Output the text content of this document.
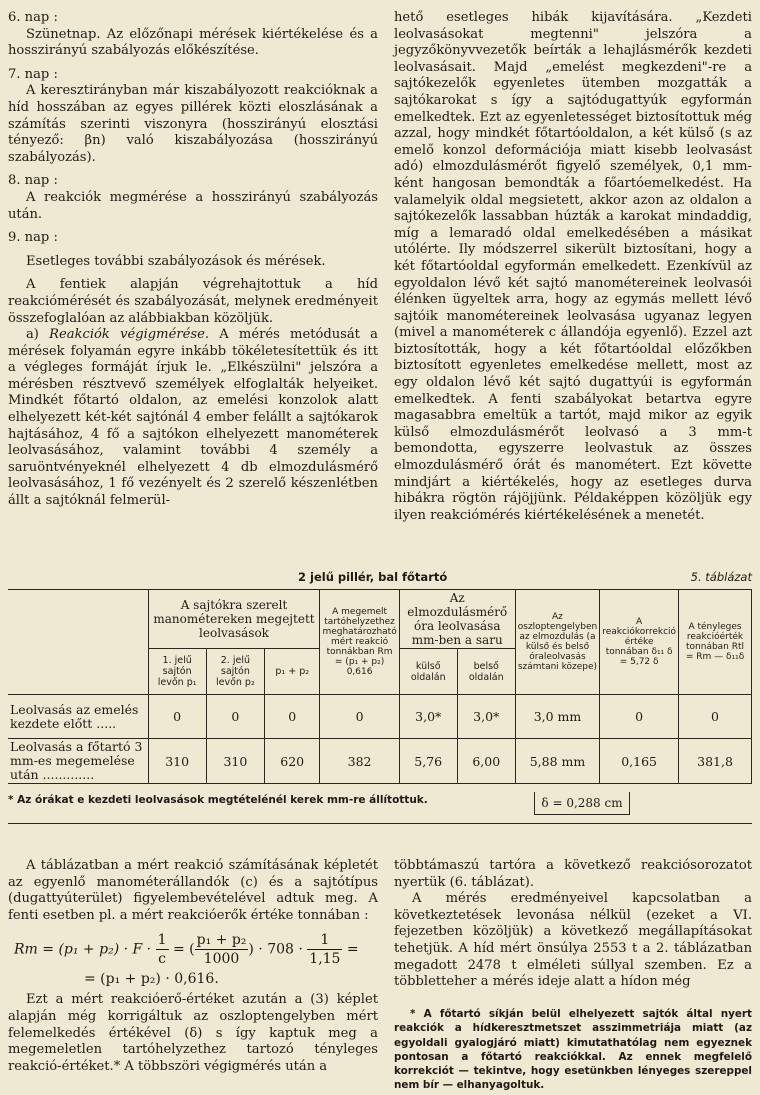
6. nap :

Szünetnap. Az előzőnapi mérések kiértékelése és a hosszirányú szabályozás előkészítése.

7. nap :

A keresztirányban már kiszabályozott reakcióknak a híd hosszában az egyes pillérek közti eloszlásának a számítás szerinti viszonyra (hosszirányú elosztási tényező: βn) való kiszabályozása (hosszirányú szabályozás).

8. nap :

A reakciók megmérése a hosszirányú szabályozás után.

9. nap :

Esetleges további szabályozások és mérések.

A fentiek alapján végrehajtottuk a híd reakciómérését és szabályozását, melynek eredményeit összefoglalóan az alábbiakban közöljük.

a) Reakciók végigmérése. A mérés metódusát a mérések folyamán egyre inkább tökéletesítettük és itt a végleges formáját írjuk le. „Elkészülni" jelszóra a mérésben résztvevő személyek elfoglalták helyeiket. Mindkét főtartó oldalon, az emelési konzolok alatt elhelyezett két-két sajtónál 4 ember felállt a sajtókarok hajtásához, 4 fő a sajtókon elhelyezett manométerek leolvasásához, valamint további 4 személy a saruöntvényeknél elhelyezett 4 db elmozdulásmérő leolvasásához, 1 fő vezényelt és 2 szerelő készenlétben állt a sajtóknál felmerül-

hető esetleges hibák kijavítására. „Kezdeti leolvasásokat megtenni" jelszóra a jegyzőkönyvvezetők beírták a lehajlásmérők kezdeti leolvasásait. Majd „emelést megkezdeni"-re a sajtókezelők egyenletes ütemben mozgatták a sajtókarokat s így a sajtódugattyúk egyformán emelkedtek. Ezt az egyenletességet biztosítottuk még azzal, hogy mindkét főtartóoldalon, a két külső (s az emelő konzol deformációja miatt kisebb leolvasást adó) elmozdulásmérőt figyelő személyek, 0,1 mm-ként hangosan bemondták a főartóemelkedést. Ha valamelyik oldal megsietett, akkor azon az oldalon a sajtókezelők lassabban húzták a karokat mindaddig, míg a lemaradó oldal emelkedésében a másikat utólérte. Ily módszerrel sikerült biztosítani, hogy a két főtartóoldal egyformán emelkedett. Ezenkívül az egyoldalon lévő két sajtó manométereinek leolvasói élénken ügyeltek arra, hogy az egymás mellett lévő sajtóik manométereinek leolvasása ugyanaz legyen (mivel a manométerek c állandója egyenlő). Ezzel azt biztosították, hogy a két főtartóoldal előzőkben biztosított egyenletes emelkedése mellett, most az egy oldalon lévő két sajtó dugattyúi is egyformán emelkedtek. A fenti szabályokat betartva egyre magasabbra emeltük a tartót, majd mikor az egyik külső elmozdulásmérőt leolvasó a 3 mm-t bemondotta, egyszerre leolvastuk az összes elmozdulásmérő órát és manométert. Ezt követte mindjárt a kiértékelés, hogy az esetleges durva hibákra rögtön rájöjjünk. Példaképpen közöljük egy ilyen reakciómérés kiértékelésének a menetét.

2 jelű pillér, bal főtartó	5. táblázat
	A sajtókra szerelt manométereken megejtett leolvasások			A megemelt tartóhelyzethez meghatározható mért reakció tonnákban Rm = (p₁ + p₂) 0,616	Az elmozdulásmérő óra leolvasása mm-ben a saru		Az oszloptengelyben az elmozdulás (a külső és belső óraleolvasás számtani közepe)	A reakciókorrekció értéke tonnában δ₁₁ δ = 5,72 δ	A tényleges reakcióérték tonnában Rtl = Rm — δ₁₁δ
	1. jelű sajtón levőn p₁	2. jelű sajtón levőn p₂	p₁ + p₂		külső oldalán	belső oldalán			
Leolvasás az emelés kezdete előtt .....	0	0	0	0	3,0*	3,0*	3,0 mm	0	0
Leolvasás a főtartó 3 mm-es megemelése után .............	310	310	620	382	5,76	6,00	5,88 mm	0,165	381,8
* Az órákat e kezdeti leolvasások megtételénél kerek mm-re állítottuk.	δ = 0,288 cm

A táblázatban a mért reakció számításának képletét az egyenlő manométerállandók (c) és a sajtótípus (dugattyúterület) figyelembevételével adtuk meg. A fenti esetben pl. a mért reakcióerők értéke tonnában :

$Rm = (p_1 + p_2) \cdot F \cdot \frac{1}{c}$ = ( $\frac{\text{p₁ + p₂}}{1000}$ ) · $708 \cdot \frac{1}{1,15}$ =
= (p₁ + p₂) · 0,616.

Ezt a mért reakcióerő-értéket azután a (3) képlet alapján még korrigáltuk az oszloptengelyben mért felemelkedés értékével (δ) s így kaptuk meg a megemeletlen tartóhelyzethez tartozó tényleges reakció-értéket.* A többszöri végigmérés után a

többtámaszú tartóra a következő reakciósorozatot nyertük (6. táblázat).

A mérés eredményeivel kapcsolatban a következtetések levonása nélkül (ezeket a VI. fejezetben közöljük) a következő megállapításokat tehetjük. A híd mért önsúlya 2553 t a 2. táblázatban megadott 2478 t elméleti súllyal szemben. Ez a többletteher a mérés ideje alatt a hídon még

* A főtartó síkján belül elhelyezett sajtók által nyert reakciók a hídkeresztmetszet asszimmetriája miatt (az egyoldali gyalogjáró miatt) kimutathatólag nem egyeznek pontosan a főtartó reakciókkal. Az ennek megfelelő korrekciót — tekintve, hogy esetünkben lényeges szereppel nem bír — elhanyagoltuk.
